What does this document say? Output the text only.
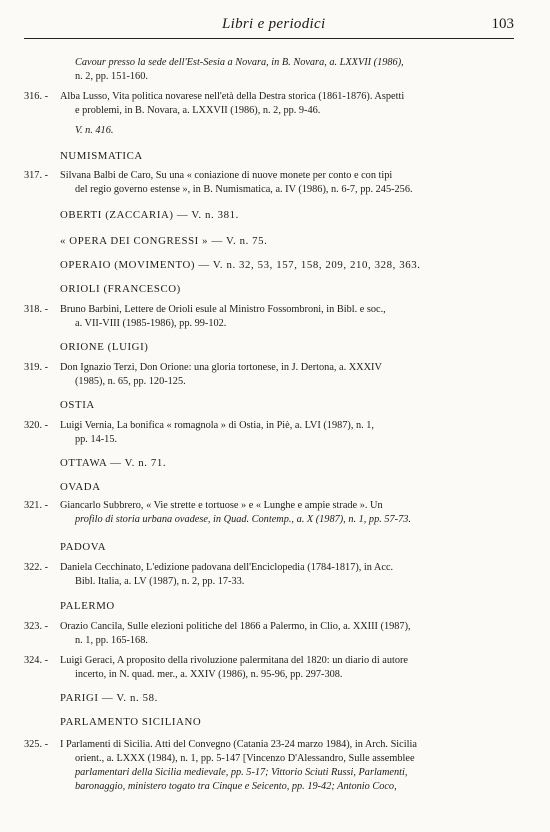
Libri e periodici	103
Cavour presso la sede dell'Est-Sesia a Novara, in B. Novara, a. LXXVII (1986),
n. 2, pp. 151-160.
316. - Alba Lusso, Vita politica novarese nell'età della Destra storica (1861-1876). Aspetti
e problemi, in B. Novara, a. LXXVII (1986), n. 2, pp. 9-46.
V. n. 416.
NUMISMATICA
317. - Silvana Balbi de Caro, Su una « coniazione di nuove monete per conto e con tipi
del regio governo estense », in B. Numismatica, a. IV (1986), n. 6-7, pp. 245-256.
OBERTI (ZACCARIA) — V. n. 381.
« OPERA DEI CONGRESSI » — V. n. 75.
OPERAIO (MOVIMENTO) — V. n. 32, 53, 157, 158, 209, 210, 328, 363.
ORIOLI (FRANCESCO)
318. - Bruno Barbini, Lettere de Orioli esule al Ministro Fossombroni, in Bibl. e soc.,
a. VII-VIII (1985-1986), pp. 99-102.
ORIONE (LUIGI)
319. - Don Ignazio Terzi, Don Orione: una gloria tortonese, in J. Dertona, a. XXXIV
(1985), n. 65, pp. 120-125.
OSTIA
320. - Luigi Vernia, La bonifica « romagnola » di Ostia, in Piè, a. LVI (1987), n. 1,
pp. 14-15.
OTTAWA — V. n. 71.
OVADA
321. - Giancarlo Subbrero, « Vie strette e tortuose » e « Lunghe e ampie strade ». Un
profilo di storia urbana ovadese, in Quad. Contemp., a. X (1987), n. 1, pp. 57-73.
PADOVA
322. - Daniela Cecchinato, L'edizione padovana dell'Enciclopedia (1784-1817), in Acc.
Bibl. Italia, a. LV (1987), n. 2, pp. 17-33.
PALERMO
323. - Orazio Cancila, Sulle elezioni politiche del 1866 a Palermo, in Clio, a. XXIII (1987),
n. 1, pp. 165-168.
324. - Luigi Geraci, A proposito della rivoluzione palermitana del 1820: un diario di autore
incerto, in N. quad. mer., a. XXIV (1986), n. 95-96, pp. 297-308.
PARIGI — V. n. 58.
PARLAMENTO SICILIANO
325. - I Parlamenti di Sicilia. Atti del Convegno (Catania 23-24 marzo 1984), in Arch. Sicilia
orient., a. LXXX (1984), n. 1, pp. 5-147 [Vincenzo D'Alessandro, Sulle assemblee
parlamentari della Sicilia medievale, pp. 5-17; Vittorio Sciuti Russi, Parlamenti,
baronaggio, ministero togato tra Cinque e Seicento, pp. 19-42; Antonio Coco,
